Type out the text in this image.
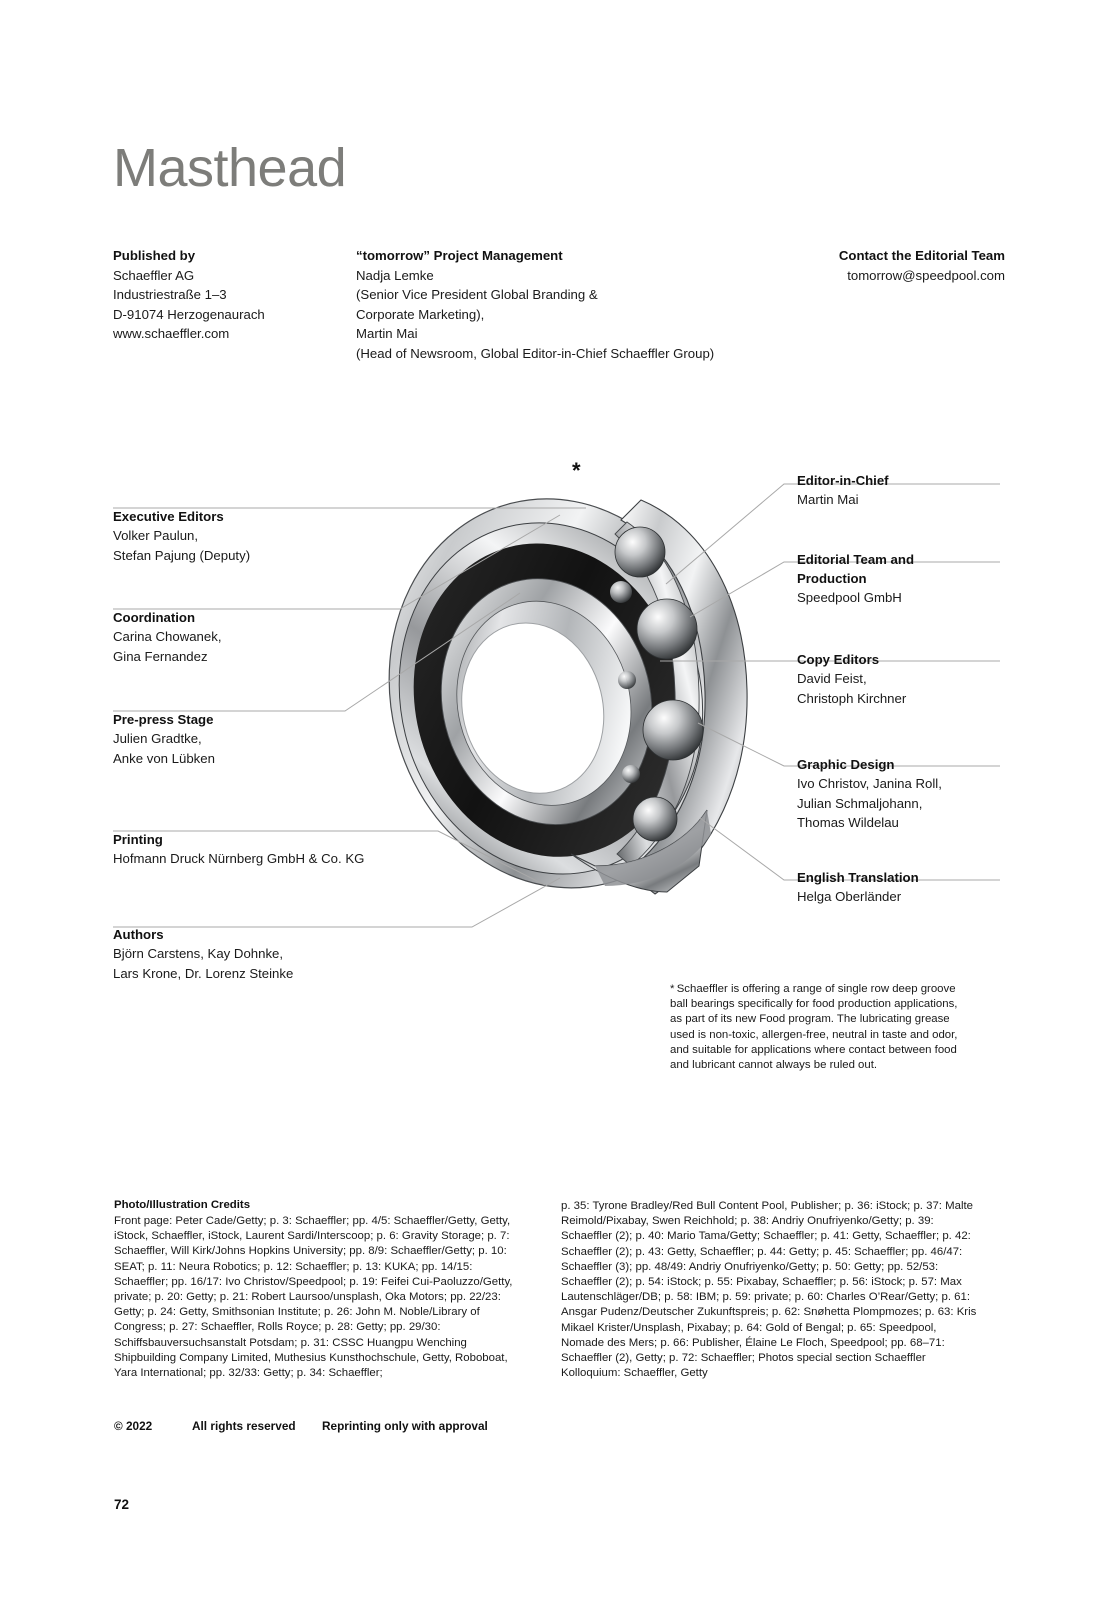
Masthead
Published by
Schaeffler AG
Industriestraße 1–3
D-91074 Herzogenaurach
www.schaeffler.com
“tomorrow” Project Management
Nadja Lemke
(Senior Vice President Global Branding &
Corporate Marketing),
Martin Mai
(Head of Newsroom, Global Editor-in-Chief Schaeffler Group)
Contact the Editorial Team
tomorrow@speedpool.com
*
Executive Editors
Volker Paulun,
Stefan Pajung (Deputy)
Coordination
Carina Chowanek,
Gina Fernandez
Pre-press Stage
Julien Gradtke,
Anke von Lübken
Printing
Hofmann Druck Nürnberg GmbH & Co. KG
Authors
Björn Carstens, Kay Dohnke,
Lars Krone, Dr. Lorenz Steinke
Editor-in-Chief
Martin Mai
Editorial Team and
Production
Speedpool GmbH
Copy Editors
David Feist,
Christoph Kirchner
Graphic Design
Ivo Christov, Janina Roll,
Julian Schmaljohann,
Thomas Wildelau
English Translation
Helga Oberländer
* Schaeffler is offering a range of single row deep groove ball bearings specifically for food production applications, as part of its new Food program. The lubricating grease used is non-toxic, allergen-free, neutral in taste and odor, and suitable for applications where contact between food and lubricant cannot always be ruled out.
Photo/Illustration Credits
Front page: Peter Cade/Getty; p. 3: Schaeffler; pp. 4/5: Schaeffler/Getty, Getty, iStock, Schaeffler, iStock, Laurent Sardi/Interscoop; p. 6: Gravity Storage; p. 7: Schaeffler, Will Kirk/Johns Hopkins University; pp. 8/9: Schaeffler/Getty; p. 10: SEAT; p. 11: Neura Robotics; p. 12: Schaeffler; p. 13: KUKA; pp. 14/15: Schaeffler; pp. 16/17: Ivo Christov/Speedpool; p. 19: Feifei Cui-Paoluzzo/Getty, private; p. 20: Getty; p. 21: Robert Laursoo/unsplash, Oka Motors; pp. 22/23: Getty; p. 24: Getty, Smithsonian Institute; p. 26: John M. Noble/Library of Congress; p. 27: Schaeffler, Rolls Royce; p. 28: Getty; pp. 29/30: Schiffsbauversuchsanstalt Potsdam; p. 31: CSSC Huangpu Wenching Shipbuilding Company Limited, Muthesius Kunsthochschule, Getty, Roboboat, Yara International; pp. 32/33: Getty; p. 34: Schaeffler;
p. 35: Tyrone Bradley/Red Bull Content Pool, Publisher; p. 36: iStock; p. 37: Malte Reimold/Pixabay, Swen Reichhold; p. 38: Andriy Onufriyenko/Getty; p. 39: Schaeffler (2); p. 40: Mario Tama/Getty; Schaeffler; p. 41: Getty, Schaeffler; p. 42: Schaeffler (2); p. 43: Getty, Schaeffler; p. 44: Getty; p. 45: Schaeffler; pp. 46/47: Schaeffler (3); pp. 48/49: Andriy Onufriyenko/Getty; p. 50: Getty; pp. 52/53: Schaeffler (2); p. 54: iStock; p. 55: Pixabay, Schaeffler; p. 56: iStock; p. 57: Max Lautenschläger/DB; p. 58: IBM; p. 59: private; p. 60: Charles O’Rear/Getty; p. 61: Ansgar Pudenz/Deutscher Zukunftspreis; p. 62: Snøhetta Plompmozes; p. 63: Kris Mikael Krister/Unsplash, Pixabay; p. 64: Gold of Bengal; p. 65: Speedpool, Nomade des Mers; p. 66: Publisher, Élaine Le Floch, Speedpool; pp. 68–71: Schaeffler (2), Getty; p. 72: Schaeffler; Photos special section Schaeffler Kolloquium: Schaeffler, Getty
© 2022	All rights reserved	Reprinting only with approval
72
